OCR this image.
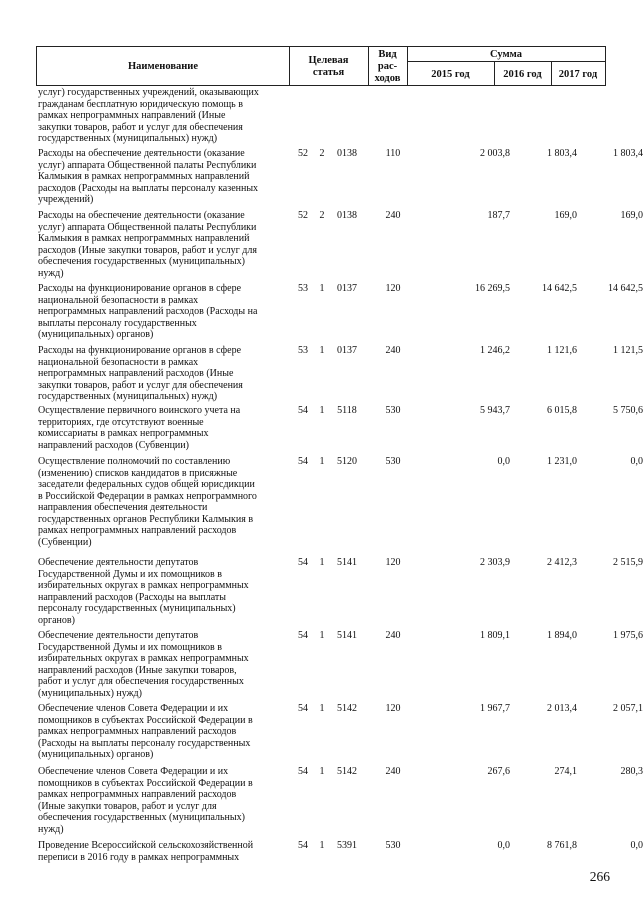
Наименование
Целевая
статья
Вид
рас-
ходов
Сумма
2015 год	2016 год	2017 год
услуг) государственных учреждений, оказывающих
гражданам бесплатную юридическую помощь в
рамках непрограммных направлений (Иные
закупки товаров, работ и услуг для обеспечения
государственных (муниципальных) нужд)
Расходы на обеспечение деятельности (оказание
услуг) аппарата Общественной палаты Республики
Калмыкия в рамках непрограммных направлений
расходов (Расходы на выплаты персоналу казенных
учреждений)
52	2	0138	110	2 003,8	1 803,4	1 803,4
Расходы на обеспечение деятельности (оказание
услуг) аппарата Общественной палаты Республики
Калмыкия в рамках непрограммных направлений
расходов (Иные закупки товаров, работ и услуг для
обеспечения государственных (муниципальных)
нужд)
52	2	0138	240	187,7	169,0	169,0
Расходы на функционирование органов в сфере
национальной безопасности в рамках
непрограммных направлений расходов (Расходы на
выплаты персоналу государственных
(муниципальных) органов)
53	1	0137	120	16 269,5	14 642,5	14 642,5
Расходы на функционирование органов в сфере
национальной безопасности в рамках
непрограммных направлений расходов (Иные
закупки товаров, работ и услуг для обеспечения
государственных (муниципальных) нужд)
53	1	0137	240	1 246,2	1 121,6	1 121,5
Осуществление первичного воинского учета на
территориях, где отсутствуют военные
комиссариаты в рамках непрограммных
направлений расходов (Субвенции)
54	1	5118	530	5 943,7	6 015,8	5 750,6
Осуществление полномочий по составлению
(изменению) списков кандидатов в присяжные
заседатели федеральных судов общей юрисдикции
в Российской Федерации в рамках непрограммного
направления обеспечения деятельности
государственных органов Республики Калмыкия в
рамках непрограммных направлений расходов
(Субвенции)
54	1	5120	530	0,0	1 231,0	0,0
Обеспечение деятельности депутатов
Государственной Думы и их помощников в
избирательных округах в рамках непрограммных
направлений расходов (Расходы на выплаты
персоналу государственных (муниципальных)
органов)
54	1	5141	120	2 303,9	2 412,3	2 515,9
Обеспечение деятельности депутатов
Государственной Думы и их помощников в
избирательных округах в рамках непрограммных
направлений расходов (Иные закупки товаров,
работ и услуг для обеспечения государственных
(муниципальных) нужд)
54	1	5141	240	1 809,1	1 894,0	1 975,6
Обеспечение членов Совета Федерации и их
помощников в субъектах Российской Федерации в
рамках непрограммных направлений расходов
(Расходы на выплаты персоналу государственных
(муниципальных) органов)
54	1	5142	120	1 967,7	2 013,4	2 057,1
Обеспечение членов Совета Федерации и их
помощников в субъектах Российской Федерации в
рамках непрограммных направлений расходов
(Иные закупки товаров, работ и услуг для
обеспечения государственных (муниципальных)
нужд)
54	1	5142	240	267,6	274,1	280,3
Проведение Всероссийской сельскохозяйственной
переписи в 2016 году в рамках непрограммных
54	1	5391	530	0,0	8 761,8	0,0
266
